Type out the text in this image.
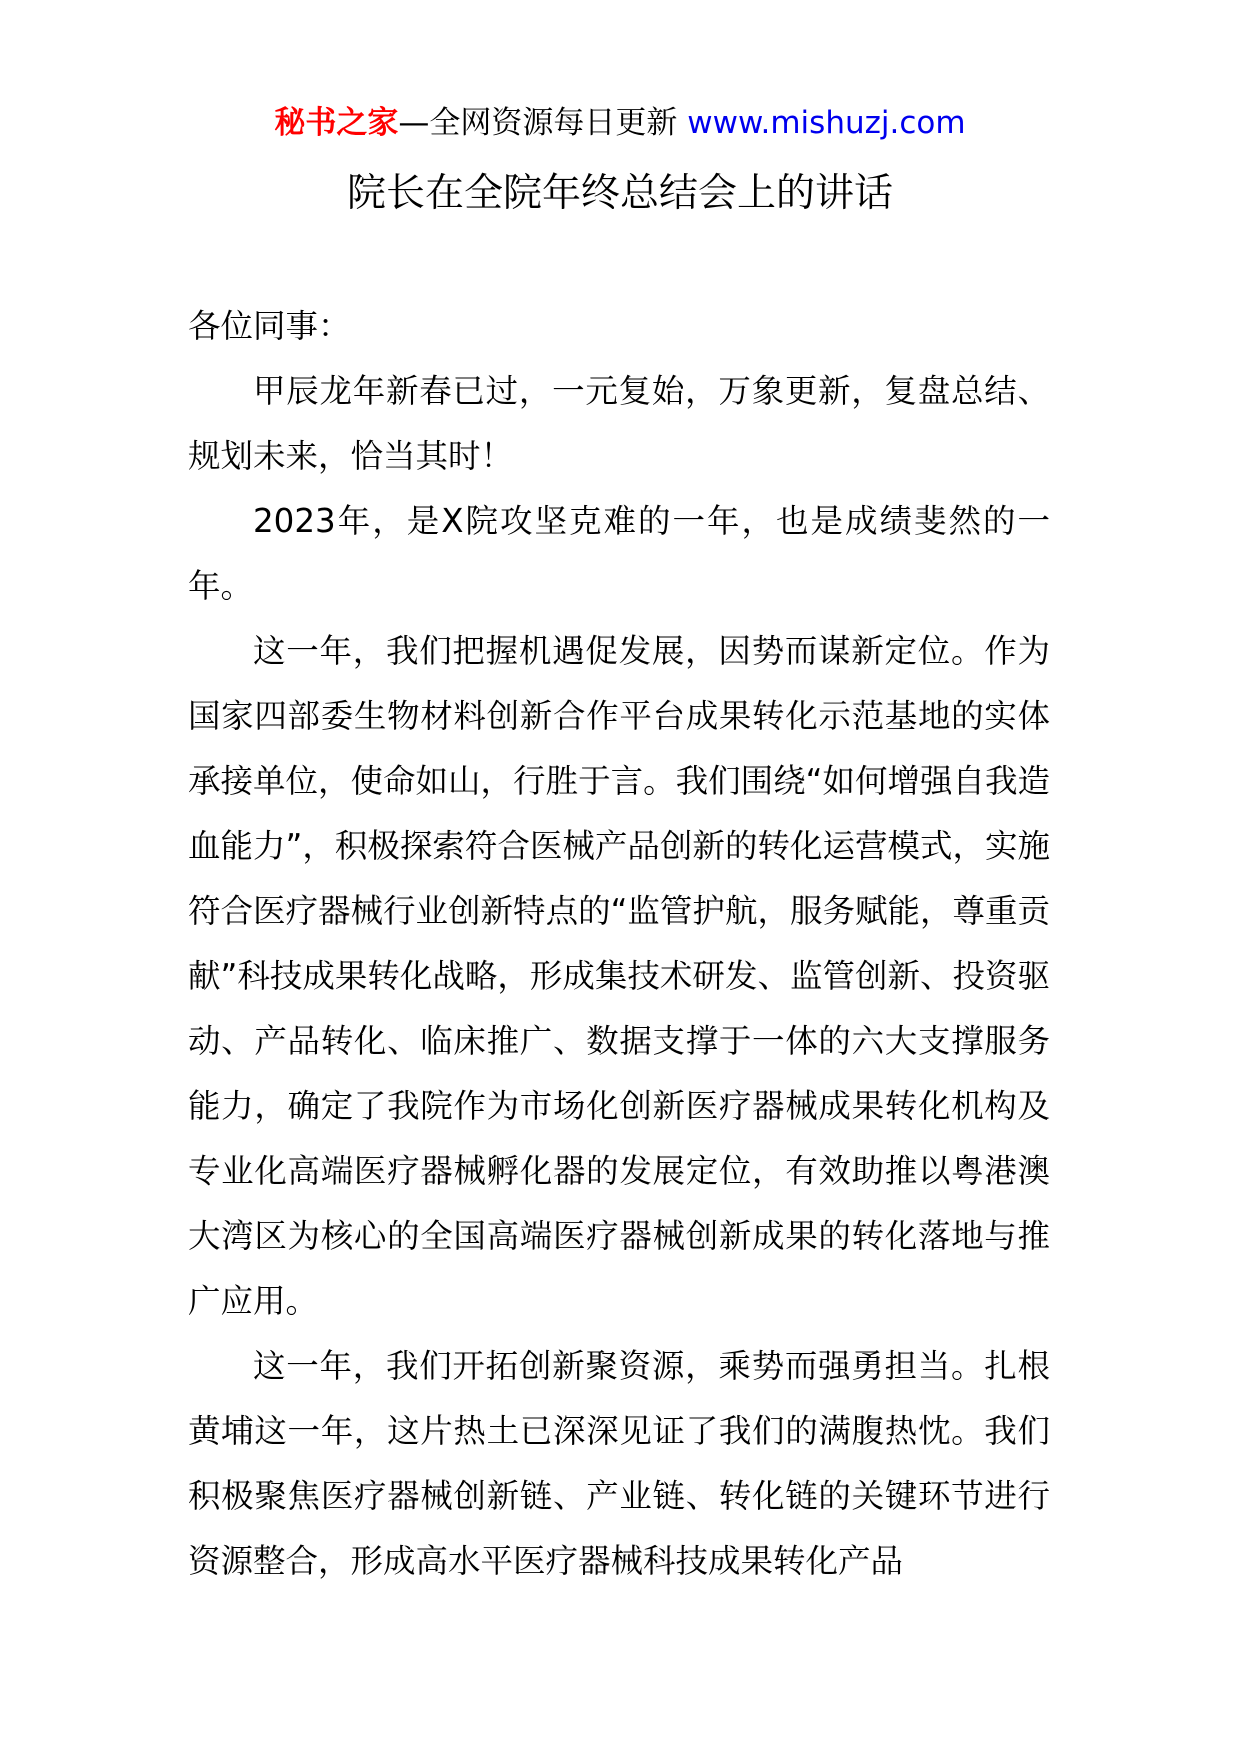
秘书之家—全网资源每日更新 www.mishuzj.com
院长在全院年终总结会上的讲话

各位同事：

甲辰龙年新春已过，一元复始，万象更新，复盘总结、规划未来，恰当其时！

2023年，是X院攻坚克难的一年，也是成绩斐然的一年。

这一年，我们把握机遇促发展，因势而谋新定位。作为国家四部委生物材料创新合作平台成果转化示范基地的实体承接单位，使命如山，行胜于言。我们围绕“如何增强自我造血能力”，积极探索符合医械产品创新的转化运营模式，实施符合医疗器械行业创新特点的“监管护航，服务赋能，尊重贡献”科技成果转化战略，形成集技术研发、监管创新、投资驱动、产品转化、临床推广、数据支撑于一体的六大支撑服务能力，确定了我院作为市场化创新医疗器械成果转化机构及专业化高端医疗器械孵化器的发展定位，有效助推以粤港澳大湾区为核心的全国高端医疗器械创新成果的转化落地与推广应用。

这一年，我们开拓创新聚资源，乘势而强勇担当。扎根黄埔这一年，这片热土已深深见证了我们的满腹热忱。我们积极聚焦医疗器械创新链、产业链、转化链的关键环节进行资源整合，形成高水平医疗器械科技成果转化产品
